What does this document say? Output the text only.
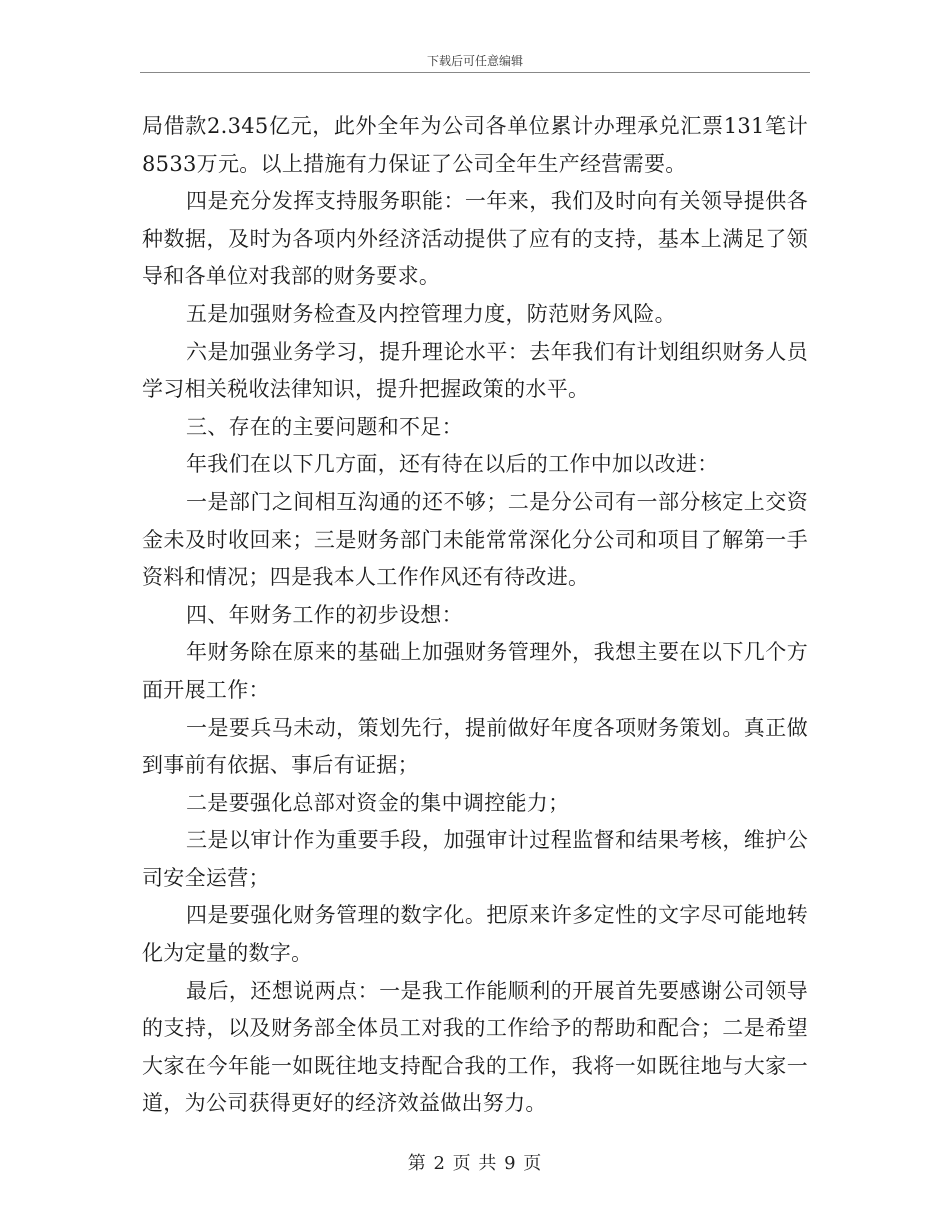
下载后可任意编辑

局借款2.345亿元，此外全年为公司各单位累计办理承兑汇票131笔计8533万元。以上措施有力保证了公司全年生产经营需要。

四是充分发挥支持服务职能：一年来，我们及时向有关领导提供各种数据，及时为各项内外经济活动提供了应有的支持，基本上满足了领导和各单位对我部的财务要求。

五是加强财务检查及内控管理力度，防范财务风险。

六是加强业务学习，提升理论水平：去年我们有计划组织财务人员学习相关税收法律知识，提升把握政策的水平。

三、存在的主要问题和不足：

年我们在以下几方面，还有待在以后的工作中加以改进：

一是部门之间相互沟通的还不够；二是分公司有一部分核定上交资金未及时收回来；三是财务部门未能常常深化分公司和项目了解第一手资料和情况；四是我本人工作作风还有待改进。

四、年财务工作的初步设想：

年财务除在原来的基础上加强财务管理外，我想主要在以下几个方面开展工作：

一是要兵马未动，策划先行，提前做好年度各项财务策划。真正做到事前有依据、事后有证据；

二是要强化总部对资金的集中调控能力；

三是以审计作为重要手段，加强审计过程监督和结果考核，维护公司安全运营；

四是要强化财务管理的数字化。把原来许多定性的文字尽可能地转化为定量的数字。

最后，还想说两点：一是我工作能顺利的开展首先要感谢公司领导的支持，以及财务部全体员工对我的工作给予的帮助和配合；二是希望大家在今年能一如既往地支持配合我的工作，我将一如既往地与大家一道，为公司获得更好的经济效益做出努力。

第 2 页 共 9 页
